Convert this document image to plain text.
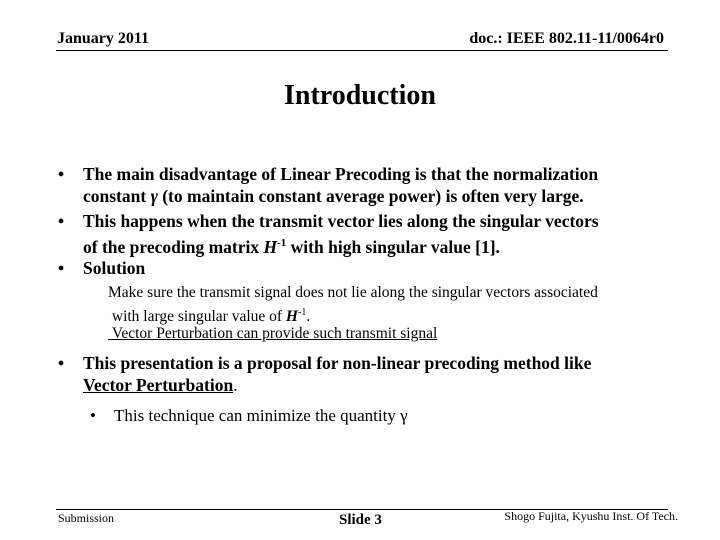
January 2011	doc.: IEEE 802.11-11/0064r0
Introduction
• The main disadvantage of Linear Precoding is that the normalization
constant γ (to maintain constant average power) is often very large.
• This happens when the transmit vector lies along the singular vectors
of the precoding matrix $H^{-1}$ with high singular value [1].
• Solution
Make sure the transmit signal does not lie along the singular vectors associated
with large singular value of $H^{-1}$.
Vector Perturbation can provide such transmit signal
• This presentation is a proposal for non-linear precoding method like
Vector Perturbation.
• This technique can minimize the quantity γ
Submission	Slide 3	Shogo Fujita, Kyushu Inst. Of Tech.
